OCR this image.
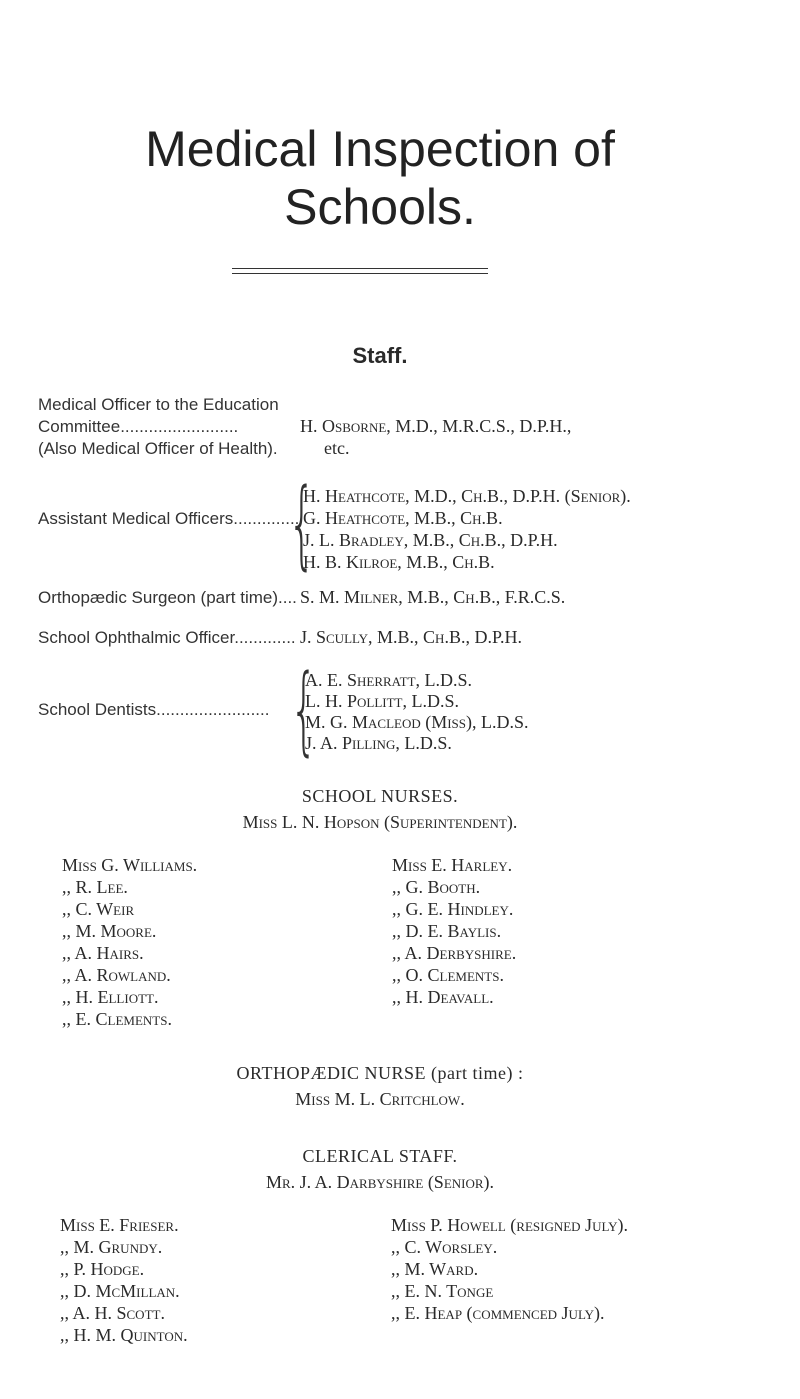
Medical Inspection of
Schools.
Staff.
Medical Officer to the Education
Committee.........................
(Also Medical Officer of Health).
H. Osborne, M.D., M.R.C.S., D.P.H.,
etc.
Assistant Medical Officers..............
{
H. Heathcote, M.D., Ch.B., D.P.H. (Senior).
G. Heathcote, M.B., Ch.B.
J. L. Bradley, M.B., Ch.B., D.P.H.
H. B. Kilroe, M.B., Ch.B.
Orthopædic Surgeon (part time).... S. M. Milner, M.B., Ch.B., F.R.C.S.
School Ophthalmic Officer............. J. Scully, M.B., Ch.B., D.P.H.
School Dentists........................ {
A. E. Sherratt, L.D.S.
L. H. Pollitt, L.D.S.
M. G. Macleod (Miss), L.D.S.
J. A. Pilling, L.D.S.
SCHOOL NURSES.
Miss L. N. Hopson (Superintendent).
Miss G. Williams.
,, R. Lee.
,, C. Weir
,, M. Moore.
,, A. Hairs.
,, A. Rowland.
,, H. Elliott.
,, E. Clements.
Miss E. Harley.
,, G. Booth.
,, G. E. Hindley.
,, D. E. Baylis.
,, A. Derbyshire.
,, O. Clements.
,, H. Deavall.
ORTHOPÆDIC NURSE (part time) :
Miss M. L. Critchlow.
CLERICAL STAFF.
Mr. J. A. Darbyshire (Senior).
Miss E. Frieser.
,, M. Grundy.
,, P. Hodge.
,, D. McMillan.
,, A. H. Scott.
,, H. M. Quinton.
Miss P. Howell (resigned July).
,, C. Worsley.
,, M. Ward.
,, E. N. Tonge
,, E. Heap (commenced July).
